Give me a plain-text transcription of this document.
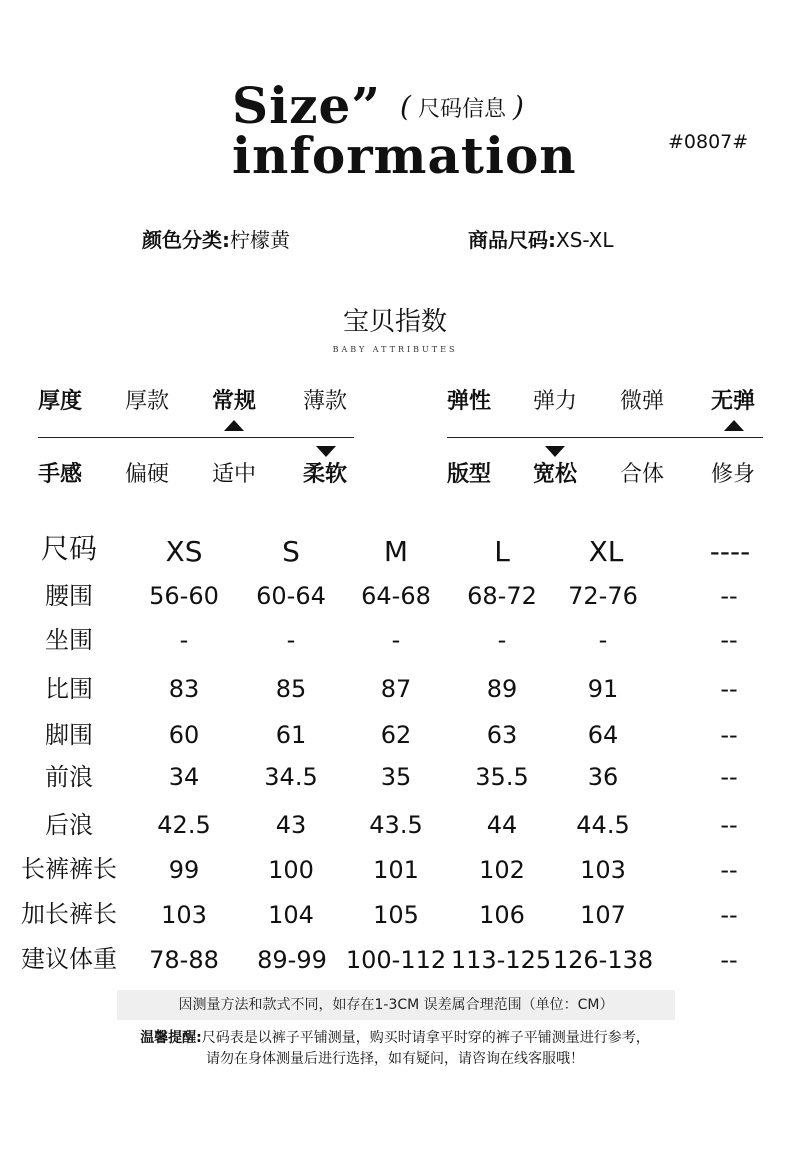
Size”
information
( 尺码信息 )
#0807#
颜色分类:柠檬黄	商品尺码:XS-XL
宝贝指数
BABY ATTRIBUTES
厚度 厚款 常规 薄款	弹性 弹力 微弹 无弹
手感 偏硬 适中 柔软	版型 宽松 合体 修身
尺码 XS	S	M	L	XL	----
腰围 56-60 60-64 64-68 68-72 72-76	--
坐围	-	-	-	-	-	--
比围	83	85	87	89	91	--
脚围	60	61	62	63	64	--
前浪	34	34.5	35	35.5 36	--
后浪	42.5	43	43.5	44 44.5	--
长裤裤长 99	100 101	102 103	--
加长裤长 103	104 105	106 107	--
建议体重 78-88 89-99 100-112 113-125 126-138	--
因测量方法和款式不同，如存在1-3CM 误差属合理范围（单位：CM）
温馨提醒:尺码表是以裤子平铺测量，购买时请拿平时穿的裤子平铺测量进行参考，
请勿在身体测量后进行选择，如有疑问，请咨询在线客服哦！
